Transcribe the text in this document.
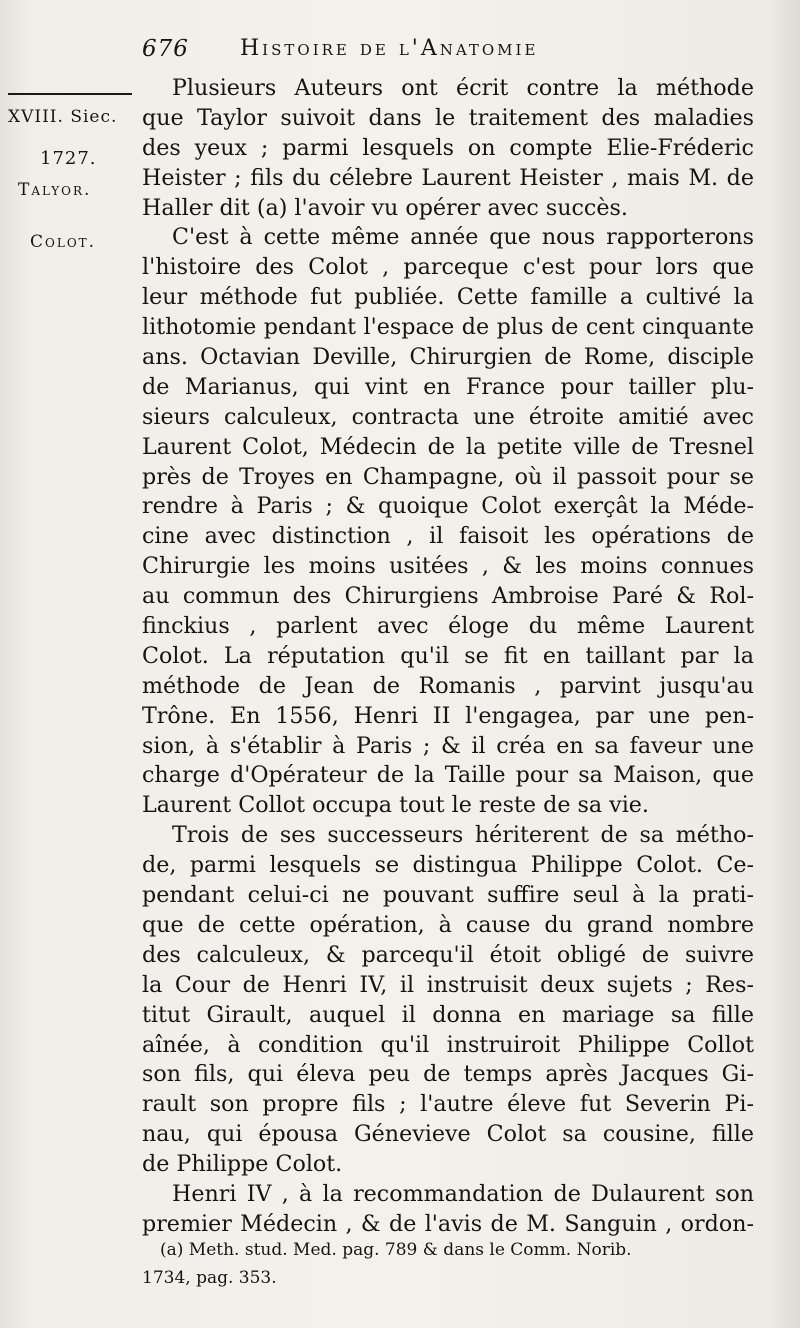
676 Histoire de l'Anatomie
XVIII. Siec.
1727.
Talyor.
Colot.
Plusieurs Auteurs ont écrit contre la méthode
que Taylor suivoit dans le traitement des maladies
des yeux ; parmi lesquels on compte Elie-Fréderic
Heister ; fils du célebre Laurent Heister , mais M. de
Haller dit (a) l'avoir vu opérer avec succès.
C'est à cette même année que nous rapporterons
l'histoire des Colot , parceque c'est pour lors que
leur méthode fut publiée. Cette famille a cultivé la
lithotomie pendant l'espace de plus de cent cinquante
ans. Octavian Deville, Chirurgien de Rome, disciple
de Marianus, qui vint en France pour tailler plu-
sieurs calculeux, contracta une étroite amitié avec
Laurent Colot, Médecin de la petite ville de Tresnel
près de Troyes en Champagne, où il passoit pour se
rendre à Paris ; & quoique Colot exerçât la Méde-
cine avec distinction , il faisoit les opérations de
Chirurgie les moins usitées , & les moins connues
au commun des Chirurgiens Ambroise Paré & Rol-
finckius , parlent avec éloge du même Laurent
Colot. La réputation qu'il se fit en taillant par la
méthode de Jean de Romanis , parvint jusqu'au
Trône. En 1556, Henri II l'engagea, par une pen-
sion, à s'établir à Paris ; & il créa en sa faveur une
charge d'Opérateur de la Taille pour sa Maison, que
Laurent Collot occupa tout le reste de sa vie.
Trois de ses successeurs hériterent de sa métho-
de, parmi lesquels se distingua Philippe Colot. Ce-
pendant celui-ci ne pouvant suffire seul à la prati-
que de cette opération, à cause du grand nombre
des calculeux, & parcequ'il étoit obligé de suivre
la Cour de Henri IV, il instruisit deux sujets ; Res-
titut Girault, auquel il donna en mariage sa fille
aînée, à condition qu'il instruiroit Philippe Collot
son fils, qui éleva peu de temps après Jacques Gi-
rault son propre fils ; l'autre éleve fut Severin Pi-
nau, qui épousa Génevieve Colot sa cousine, fille
de Philippe Colot.
Henri IV , à la recommandation de Dulaurent son
premier Médecin , & de l'avis de M. Sanguin , ordon-
(a) Meth. stud. Med. pag. 789 & dans le Comm. Norib.
1734, pag. 353.
